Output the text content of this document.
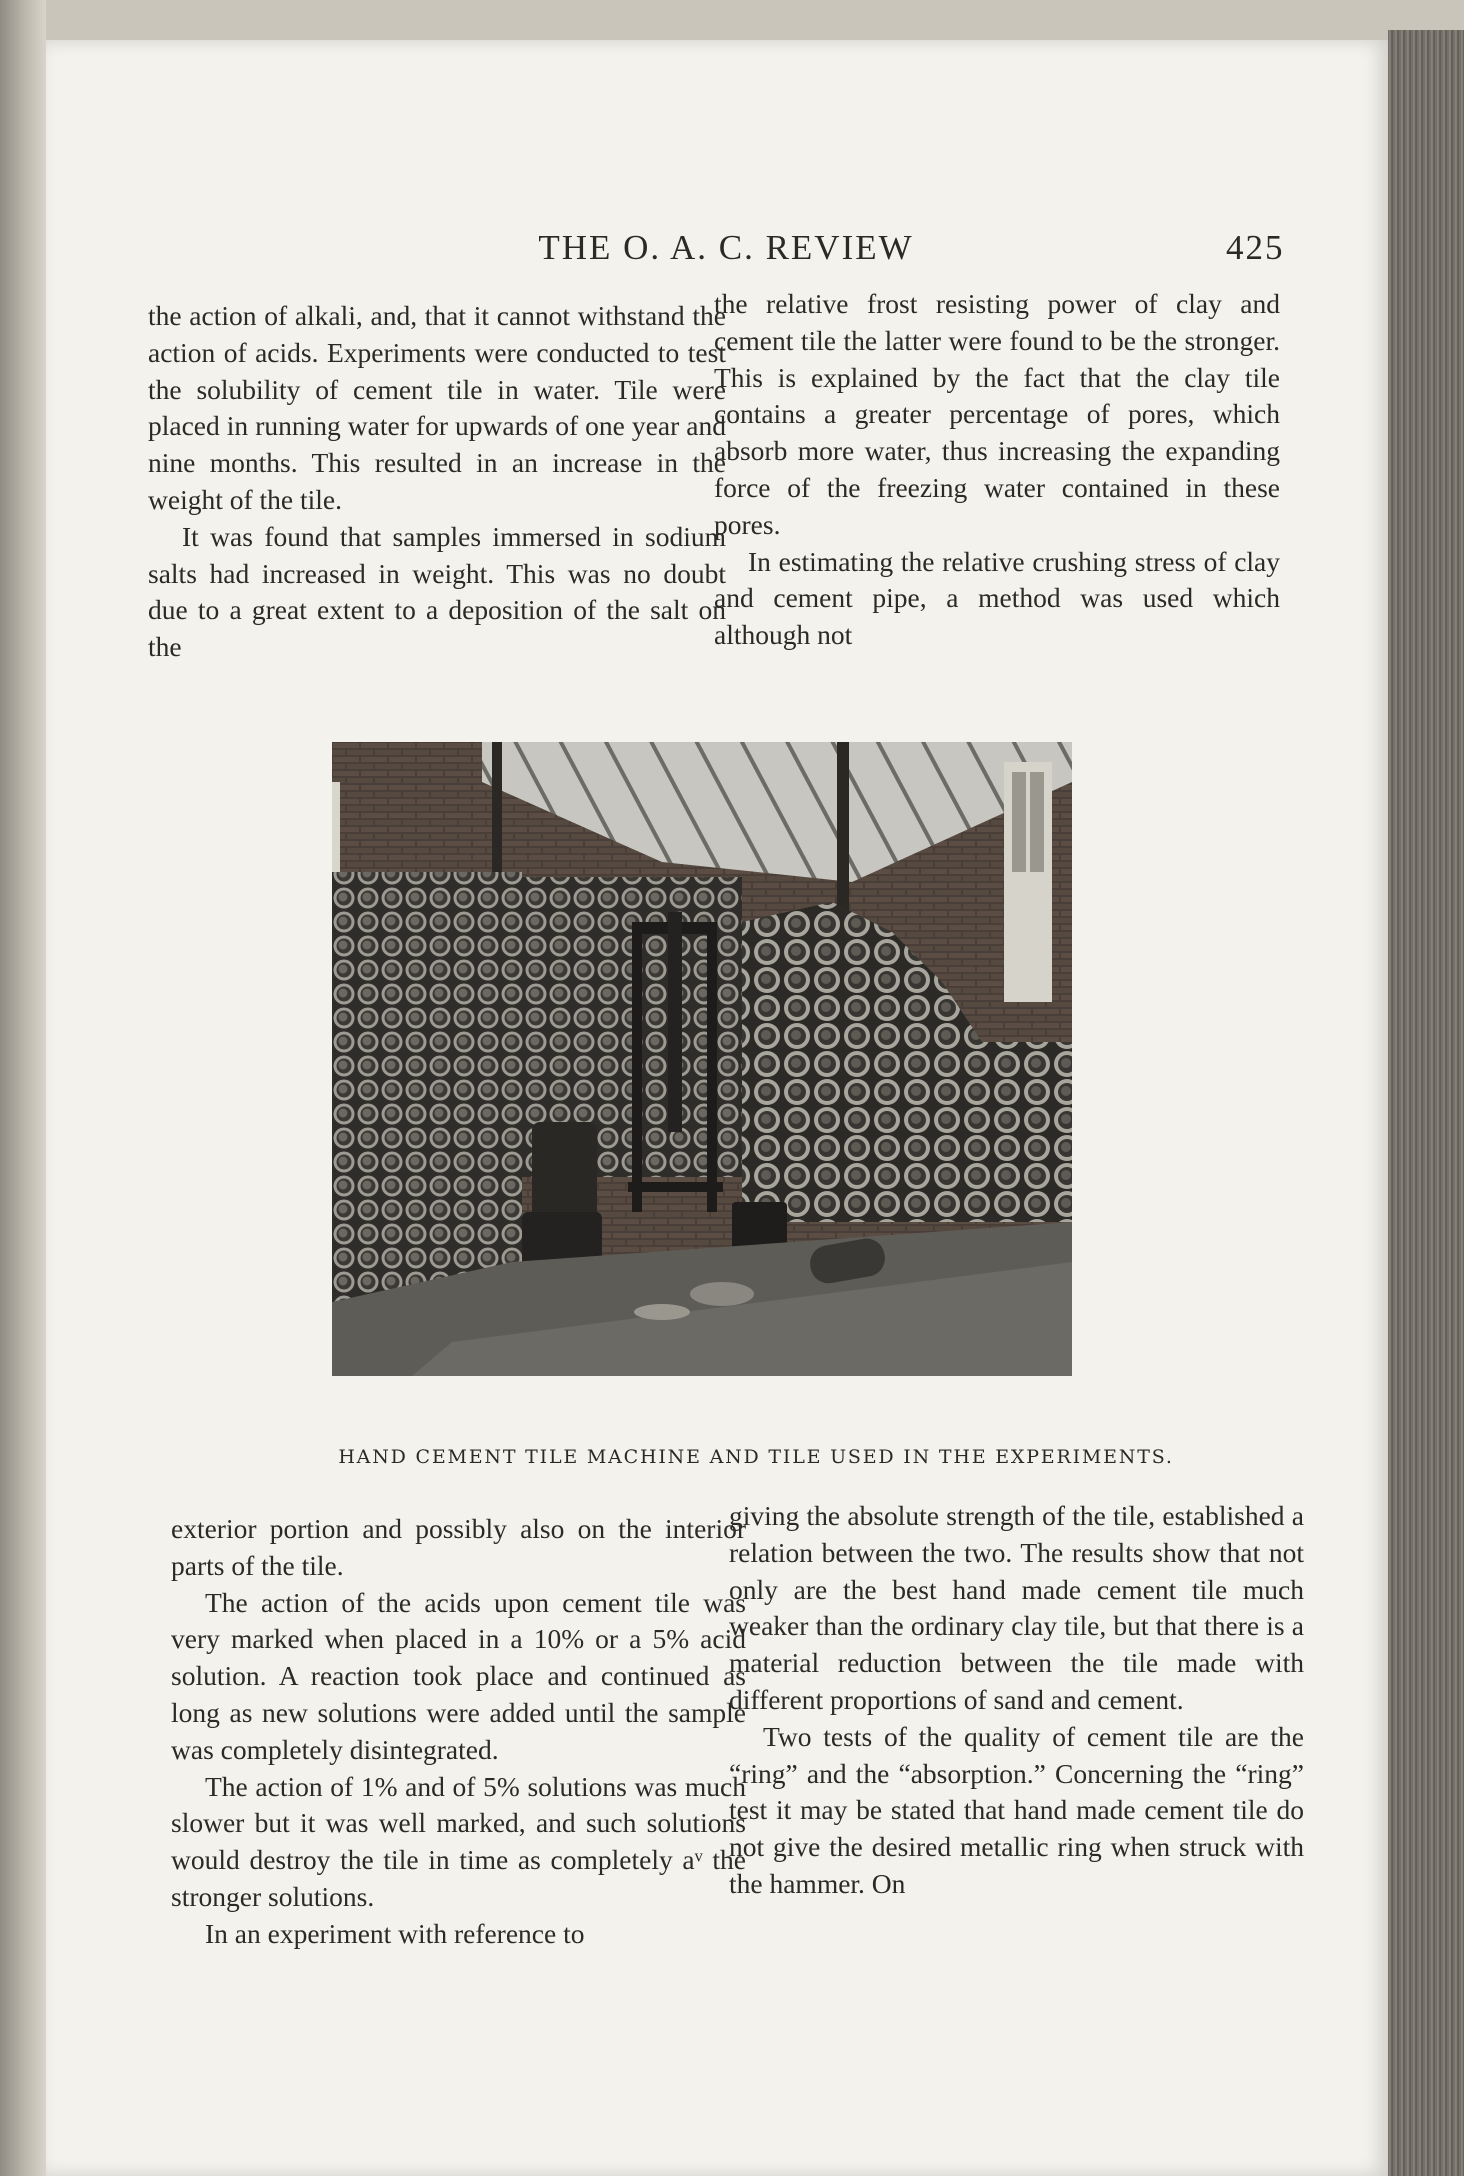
THE O. A. C. REVIEW	425

the action of alkali, and, that it cannot withstand the action of acids. Experiments were conducted to test the solubility of cement tile in water. Tile were placed in running water for upwards of one year and nine months. This resulted in an increase in the weight of the tile.

It was found that samples immersed in sodium salts had increased in weight. This was no doubt due to a great extent to a deposition of the salt on the

the relative frost resisting power of clay and cement tile the latter were found to be the stronger. This is explained by the fact that the clay tile contains a greater percentage of pores, which absorb more water, thus increasing the expanding force of the freezing water contained in these pores.

In estimating the relative crushing stress of clay and cement pipe, a method was used which although not

HAND CEMENT TILE MACHINE AND TILE USED IN THE EXPERIMENTS.

exterior portion and possibly also on the interior parts of the tile.

The action of the acids upon cement tile was very marked when placed in a 10% or a 5% acid solution. A reaction took place and continued as long as new solutions were added until the sample was completely disintegrated.

The action of 1% and of 5% solutions was much slower but it was well marked, and such solutions would destroy the tile in time as completely aᵛ the stronger solutions.

In an experiment with reference to

giving the absolute strength of the tile, established a relation between the two. The results show that not only are the best hand made cement tile much weaker than the ordinary clay tile, but that there is a material reduction between the tile made with different proportions of sand and cement.

Two tests of the quality of cement tile are the “ring” and the “absorption.” Concerning the “ring” test it may be stated that hand made cement tile do not give the desired metallic ring when struck with the hammer. On
